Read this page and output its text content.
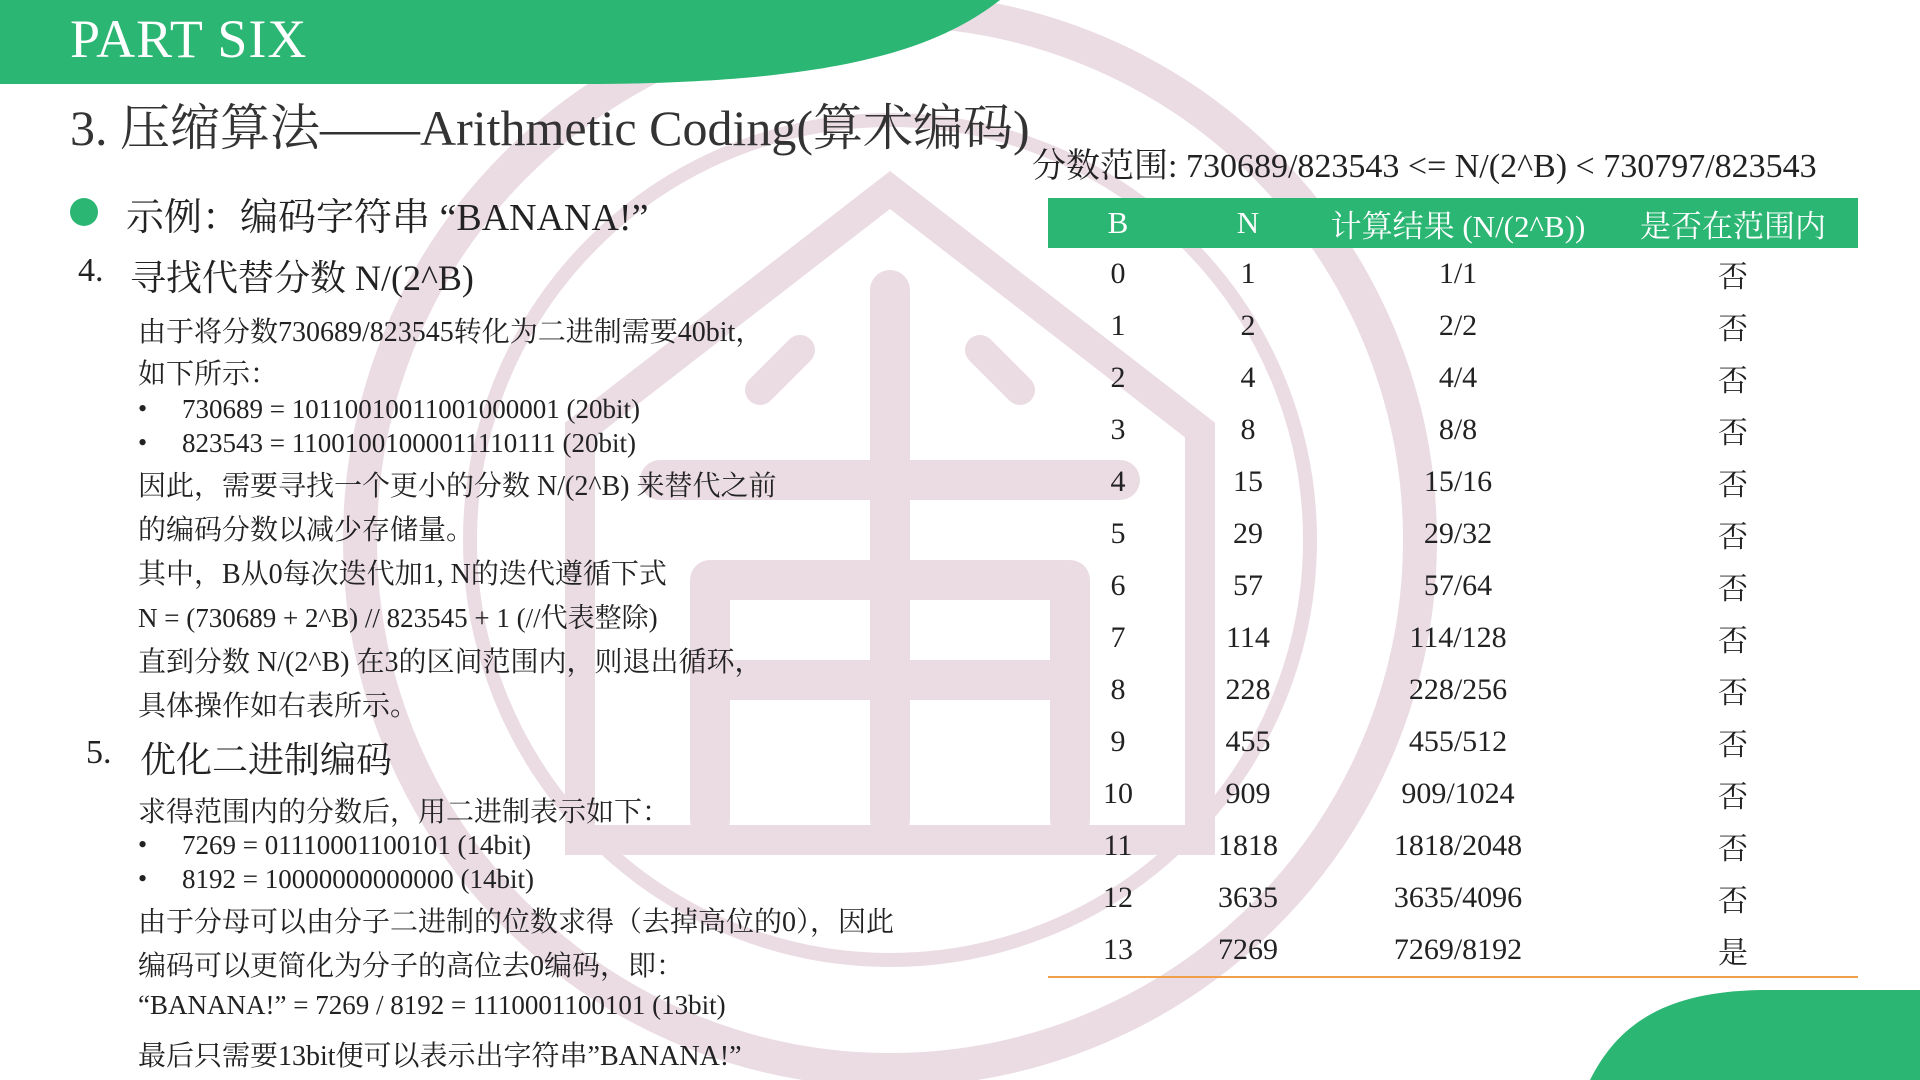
PART SIX
3. 压缩算法——Arithmetic Coding(算术编码)
示例：编码字符串 “BANANA!”
4. 寻找代替分数 N/(2^B)
由于将分数730689/823545转化为二进制需要40bit，
如下所示：
• 730689 = 10110010011001000001 (20bit)
• 823543 = 11001001000011110111 (20bit)
因此，需要寻找一个更小的分数 N/(2^B) 来替代之前
的编码分数以减少存储量。
其中，B从0每次迭代加1, N的迭代遵循下式
N = (730689 + 2^B) // 823545 + 1 (//代表整除)
直到分数 N/(2^B) 在3的区间范围内，则退出循环，
具体操作如右表所示。
5. 优化二进制编码
求得范围内的分数后，用二进制表示如下：
• 7269 = 01110001100101 (14bit)
• 8192 = 10000000000000 (14bit)
由于分母可以由分子二进制的位数求得（去掉高位的0），因此
编码可以更简化为分子的高位去0编码，即：
“BANANA!” = 7269 / 8192 = 1110001100101 (13bit)
最后只需要13bit便可以表示出字符串”BANANA!”
分数范围: 730689/823543 <= N/(2^B) < 730797/823543
B	N	计算结果 (N/(2^B))	是否在范围内
0	1	1/1	否
1	2	2/2	否
2	4	4/4	否
3	8	8/8	否
4	15	15/16	否
5	29	29/32	否
6	57	57/64	否
7	114	114/128	否
8	228	228/256	否
9	455	455/512	否
10	909	909/1024	否
11	1818	1818/2048	否
12	3635	3635/4096	否
13	7269	7269/8192	是
